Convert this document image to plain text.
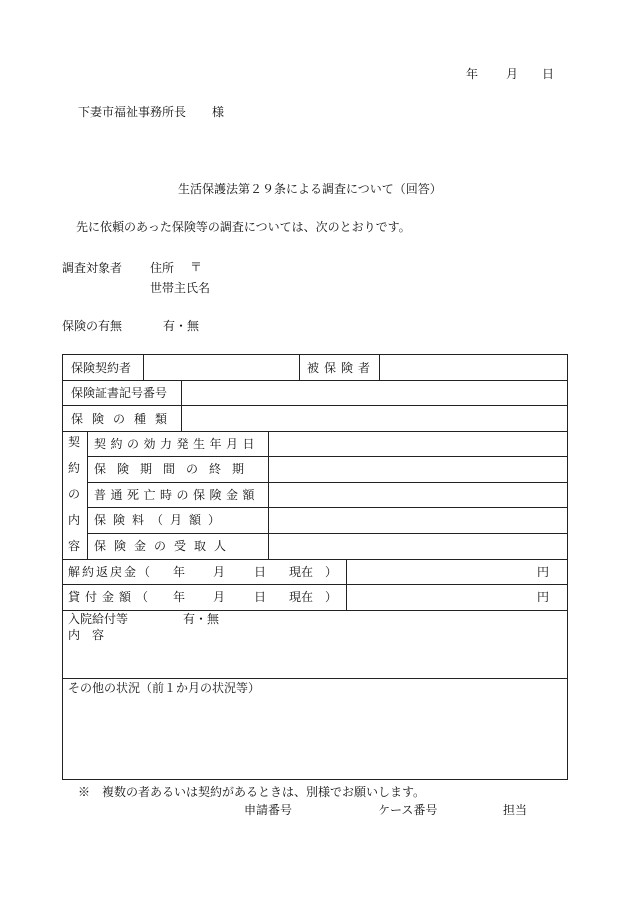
年 月 日
下妻市福祉事務所長 様
生活保護法第２９条による調査について（回答）
先に依頼のあった保険等の調査については、次のとおりです。
調査対象者 住所 〒
世帯主氏名
保険の有無	有・無
保険契約者	被保険者
保険証書記号番号
保険の種類
契
約
の
内
容
契約の効力発生年月日
保険期間の終期
普通死亡時の保険金額
保険料（月額）
保険金の受取人
解約返戻金（ 年 月 日 現在　）	円
貸付金額（ 年 月 日 現在　）	円
入院給付等	有・無
内　容
その他の状況（前１か月の状況等）
※　複数の者あるいは契約があるときは、別様でお願いします。
申請番号	ケース番号	担当
